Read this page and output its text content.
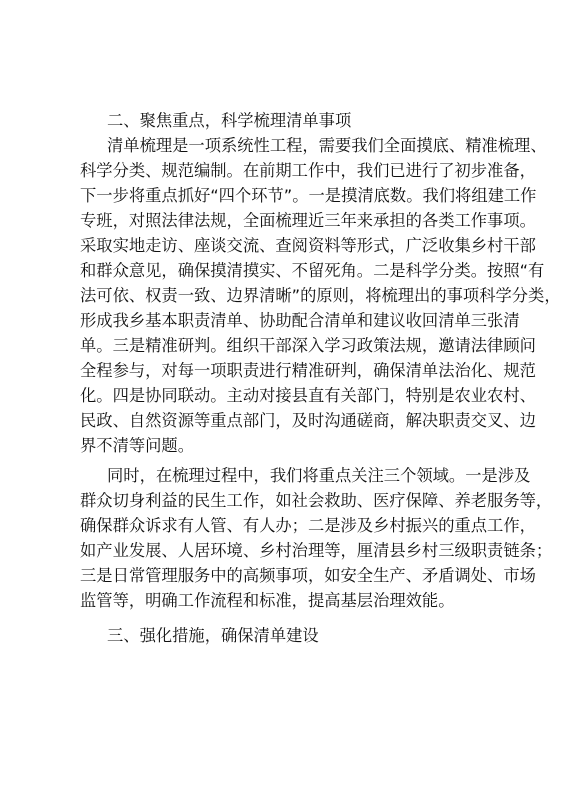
二、聚焦重点，科学梳理清单事项
清单梳理是一项系统性工程，需要我们全面摸底、精准梳理、
科学分类、规范编制。在前期工作中，我们已进行了初步准备，
下一步将重点抓好“四个环节”。一是摸清底数。我们将组建工作
专班，对照法律法规，全面梳理近三年来承担的各类工作事项。
采取实地走访、座谈交流、查阅资料等形式，广泛收集乡村干部
和群众意见，确保摸清摸实、不留死角。二是科学分类。按照“有
法可依、权责一致、边界清晰”的原则，将梳理出的事项科学分类，
形成我乡基本职责清单、协助配合清单和建议收回清单三张清
单。三是精准研判。组织干部深入学习政策法规，邀请法律顾问
全程参与，对每一项职责进行精准研判，确保清单法治化、规范
化。四是协同联动。主动对接县直有关部门，特别是农业农村、
民政、自然资源等重点部门，及时沟通磋商，解决职责交叉、边
界不清等问题。
同时，在梳理过程中，我们将重点关注三个领域。一是涉及
群众切身利益的民生工作，如社会救助、医疗保障、养老服务等，
确保群众诉求有人管、有人办；二是涉及乡村振兴的重点工作，
如产业发展、人居环境、乡村治理等，厘清县乡村三级职责链条；
三是日常管理服务中的高频事项，如安全生产、矛盾调处、市场
监管等，明确工作流程和标准，提高基层治理效能。
三、强化措施，确保清单建设
